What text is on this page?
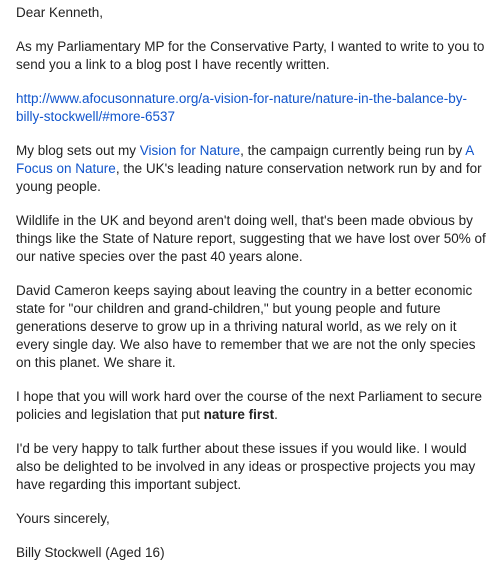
Dear Kenneth,

As my Parliamentary MP for the Conservative Party, I wanted to write to you to send you a link to a blog post I have recently written.

http://www.afocusonnature.org/a-vision-for-nature/nature-in-the-balance-by-billy-stockwell/#more-6537

My blog sets out my Vision for Nature, the campaign currently being run by A Focus on Nature, the UK's leading nature conservation network run by and for young people.

Wildlife in the UK and beyond aren't doing well, that's been made obvious by things like the State of Nature report, suggesting that we have lost over 50% of our native species over the past 40 years alone.

David Cameron keeps saying about leaving the country in a better economic state for "our children and grand-children," but young people and future generations deserve to grow up in a thriving natural world, as we rely on it every single day. We also have to remember that we are not the only species on this planet. We share it.

I hope that you will work hard over the course of the next Parliament to secure policies and legislation that put nature first.

I'd be very happy to talk further about these issues if you would like. I would also be delighted to be involved in any ideas or prospective projects you may have regarding this important subject.

Yours sincerely,

Billy Stockwell (Aged 16)
